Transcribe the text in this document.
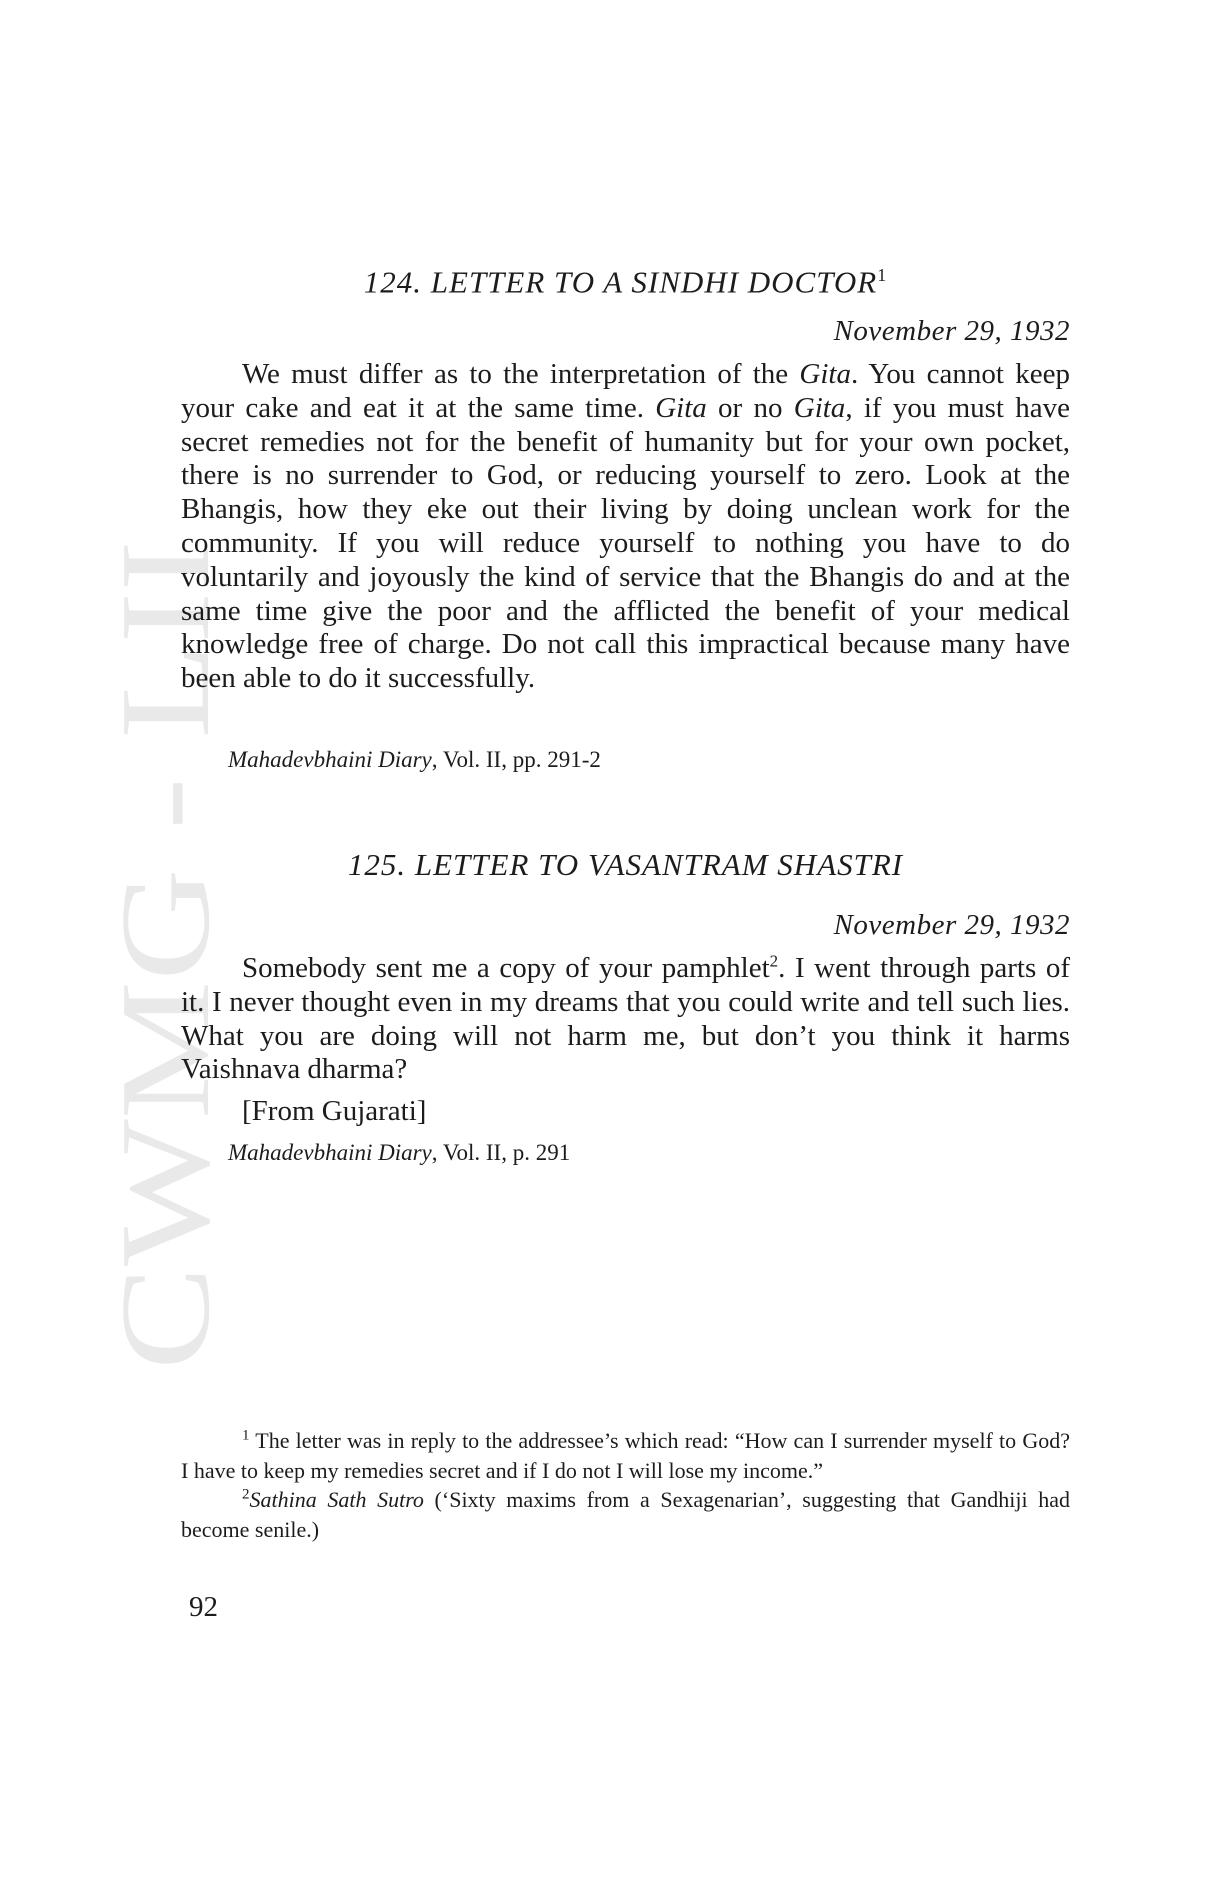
CWMG - LII
124. LETTER TO A SINDHI DOCTOR$^1$
November 29, 1932

We must differ as to the interpretation of the Gita. You cannot keep your cake and eat it at the same time. Gita or no Gita, if you must have secret remedies not for the benefit of humanity but for your own pocket, there is no surrender to God, or reducing yourself to zero. Look at the Bhangis, how they eke out their living by doing unclean work for the community. If you will reduce yourself to nothing you have to do voluntarily and joyously the kind of service that the Bhangis do and at the same time give the poor and the afflicted the benefit of your medical knowledge free of charge. Do not call this impractical because many have been able to do it successfully.

Mahadevbhaini Diary, Vol. II, pp. 291-2
125. LETTER TO VASANTRAM SHASTRI
November 29, 1932

Somebody sent me a copy of your pamphlet$^2$. I went through parts of it. I never thought even in my dreams that you could write and tell such lies. What you are doing will not harm me, but don’t you think it harms Vaishnava dharma?

[From Gujarati]
Mahadevbhaini Diary, Vol. II, p. 291

$^1$ The letter was in reply to the addressee’s which read: “How can I surrender myself to God? I have to keep my remedies secret and if I do not I will lose my income.”

$^2$Sathina Sath Sutro (‘Sixty maxims from a Sexagenarian’, suggesting that Gandhiji had become senile.)

92
